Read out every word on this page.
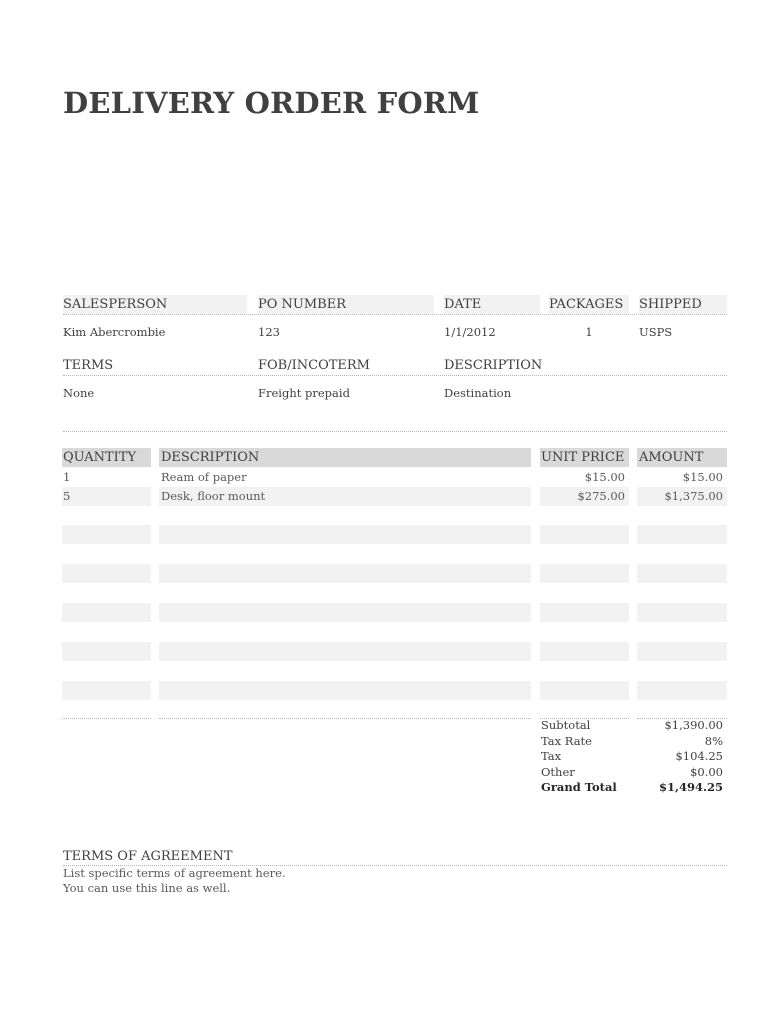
DELIVERY ORDER FORM
SALESPERSON	PO NUMBER	DATE	PACKAGES	SHIPPED
Kim Abercrombie	123	1/1/2012	1	USPS
TERMS	FOB/INCOTERM	DESCRIPTION
None	Freight prepaid	Destination
QUANTITY	DESCRIPTION	UNIT PRICE	AMOUNT
1	Ream of paper	$15.00	$15.00
5	Desk, floor mount	$275.00	$1,375.00
Subtotal	$1,390.00
Tax Rate	8%
Tax	$104.25
Other	$0.00
Grand Total	$1,494.25
TERMS OF AGREEMENT
List specific terms of agreement here.
You can use this line as well.
